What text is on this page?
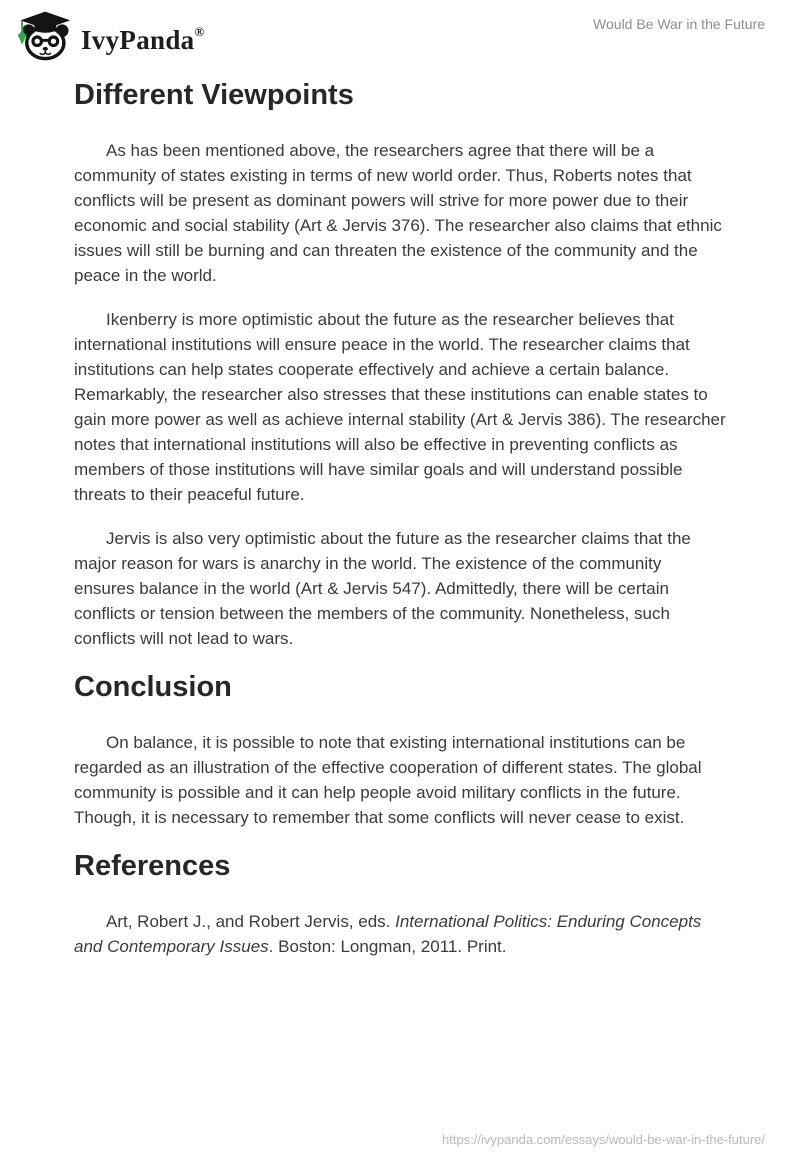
IvyPanda®	Would Be War in the Future
Different Viewpoints

As has been mentioned above, the researchers agree that there will be a community of states existing in terms of new world order. Thus, Roberts notes that conflicts will be present as dominant powers will strive for more power due to their economic and social stability (Art & Jervis 376). The researcher also claims that ethnic issues will still be burning and can threaten the existence of the community and the peace in the world.

Ikenberry is more optimistic about the future as the researcher believes that international institutions will ensure peace in the world. The researcher claims that institutions can help states cooperate effectively and achieve a certain balance. Remarkably, the researcher also stresses that these institutions can enable states to gain more power as well as achieve internal stability (Art & Jervis 386). The researcher notes that international institutions will also be effective in preventing conflicts as members of those institutions will have similar goals and will understand possible threats to their peaceful future.

Jervis is also very optimistic about the future as the researcher claims that the major reason for wars is anarchy in the world. The existence of the community ensures balance in the world (Art & Jervis 547). Admittedly, there will be certain conflicts or tension between the members of the community. Nonetheless, such conflicts will not lead to wars.

Conclusion

On balance, it is possible to note that existing international institutions can be regarded as an illustration of the effective cooperation of different states. The global community is possible and it can help people avoid military conflicts in the future. Though, it is necessary to remember that some conflicts will never cease to exist.

References

Art, Robert J., and Robert Jervis, eds. International Politics: Enduring Concepts and Contemporary Issues. Boston: Longman, 2011. Print.

https://ivypanda.com/essays/would-be-war-in-the-future/
